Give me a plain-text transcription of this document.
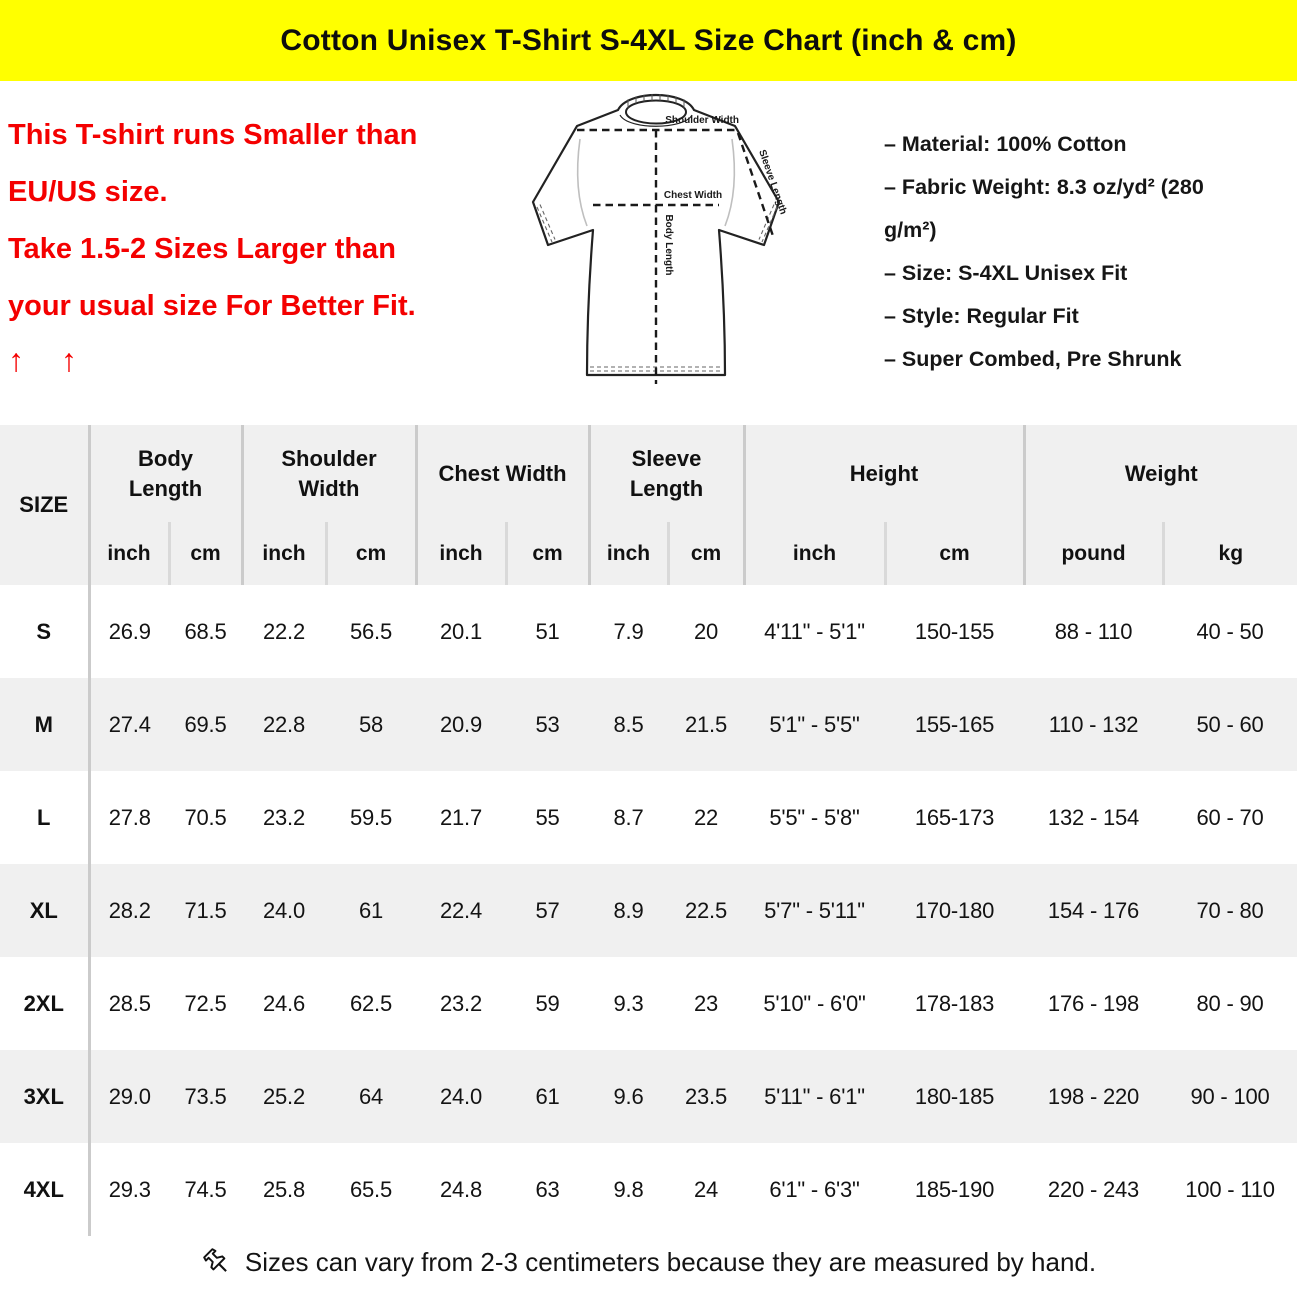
Cotton Unisex T-Shirt S-4XL Size Chart (inch & cm)
This T-shirt runs Smaller than
EU/US size.
Take 1.5-2 Sizes Larger than
your usual size For Better Fit.
↑ ↑
Shoulder Width
Chest Width
Body Length
Sleeve Length
– Material: 100% Cotton
– Fabric Weight: 8.3 oz/yd² (280
g/m²)
– Size: S-4XL Unisex Fit
– Style: Regular Fit
– Super Combed, Pre Shrunk
SIZE	Body Length		Shoulder Width		Chest Width		Sleeve Length		Height		Weight	
	inch	cm	inch	cm	inch	cm	inch	cm	inch	cm	pound	kg
S	26.9	68.5	22.2	56.5	20.1	51	7.9	20	4'11" - 5'1"	150-155	88 - 110	40 - 50
M	27.4	69.5	22.8	58	20.9	53	8.5	21.5	5'1" - 5'5"	155-165	110 - 132	50 - 60
L	27.8	70.5	23.2	59.5	21.7	55	8.7	22	5'5" - 5'8"	165-173	132 - 154	60 - 70
XL	28.2	71.5	24.0	61	22.4	57	8.9	22.5	5'7" - 5'11"	170-180	154 - 176	70 - 80
2XL	28.5	72.5	24.6	62.5	23.2	59	9.3	23	5'10" - 6'0"	178-183	176 - 198	80 - 90
3XL	29.0	73.5	25.2	64	24.0	61	9.6	23.5	5'11" - 6'1"	180-185	198 - 220	90 - 100
4XL	29.3	74.5	25.8	65.5	24.8	63	9.8	24	6'1" - 6'3"	185-190	220 - 243	100 - 110
Sizes can vary from 2-3 centimeters because they are measured by hand.
